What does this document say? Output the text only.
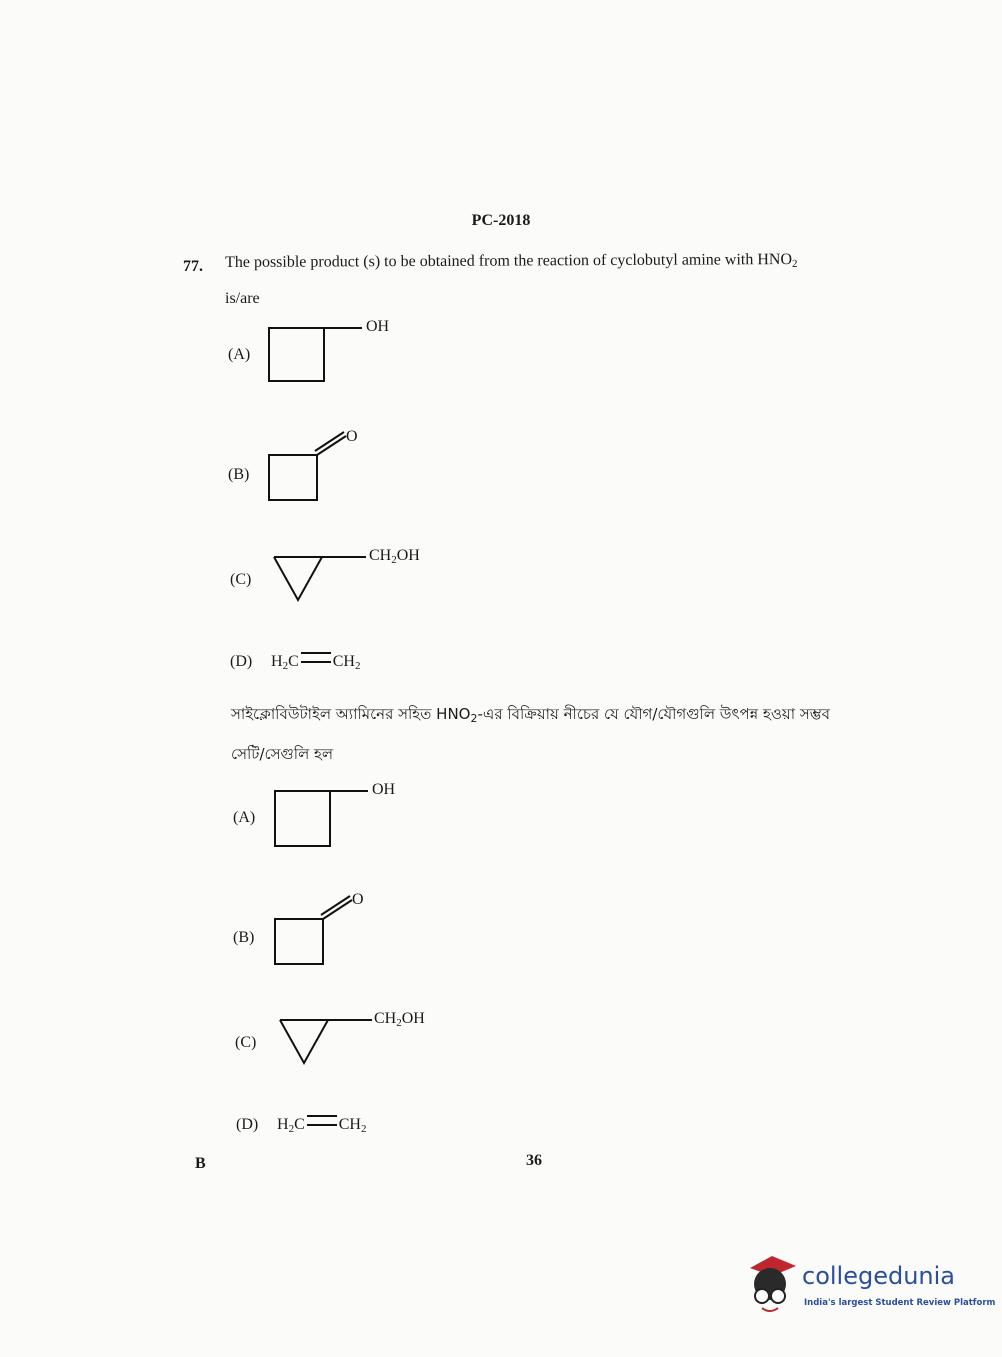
PC-2018
77. The possible product (s) to be obtained from the reaction of cyclobutyl amine with $HNO_2$
is/are
(A)
OH
(B)
O
(C)
$CH_2OH$
(D) $H_2C$ $CH_2$
সাইক্লোবিউটাইল অ্যামিনের সহিত $HNO_2-এর$ বিক্রিয়ায় নীচের যে যৌগ/যৌগগুলি উৎপন্ন হওয়া সম্ভব
সেটি/সেগুলি হল
(A)
OH
(B)
O
(C)
$CH_2OH$
(D) $H_2C$ $CH_2$
B	36
collegedunia
India's largest Student Review Platform
